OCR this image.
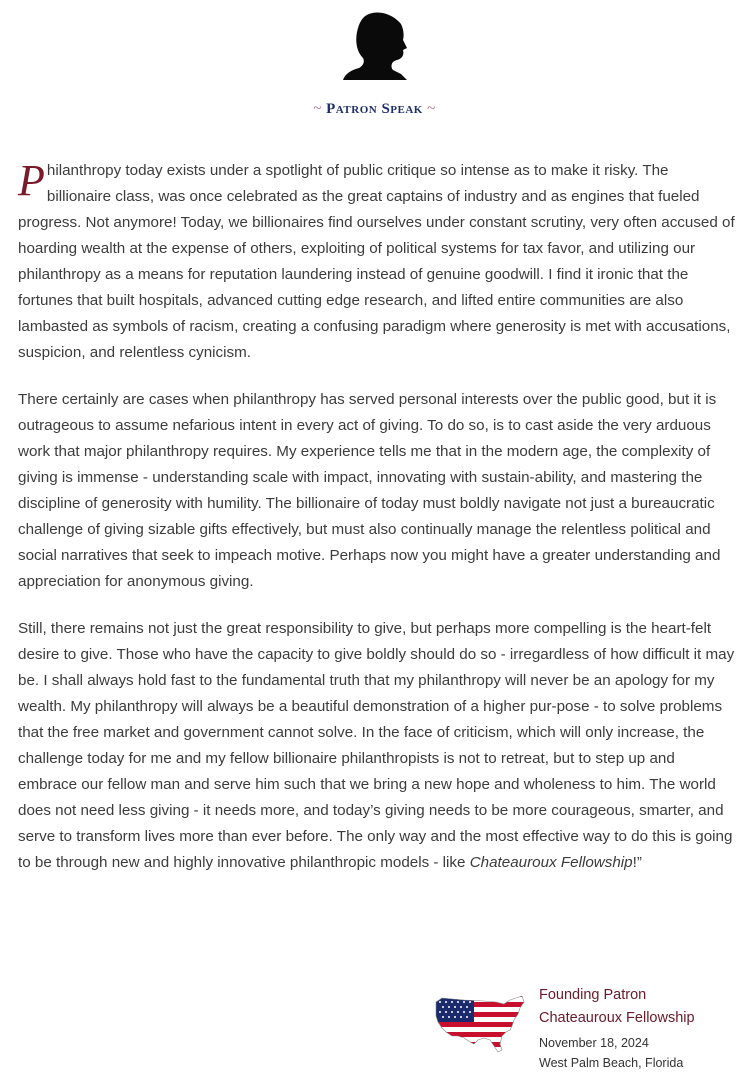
~ Patron Speak ~

Philanthropy today exists under a spotlight of public critique so intense as to make it risky. The billionaire class, was once celebrated as the great captains of industry and as engines that fueled progress. Not anymore! Today, we billionaires find ourselves under constant scrutiny, very often accused of hoarding wealth at the expense of others, exploiting of political systems for tax favor, and utilizing our philanthropy as a means for reputation laundering instead of genuine goodwill. I find it ironic that the fortunes that built hospitals, advanced cutting edge research, and lifted entire communities are also lambasted as symbols of racism, creating a confusing paradigm where generosity is met with accusations, suspicion, and relentless cynicism.

There certainly are cases when philanthropy has served personal interests over the public good, but it is outrageous to assume nefarious intent in every act of giving. To do so, is to cast aside the very arduous work that major philanthropy requires. My experience tells me that in the modern age, the complexity of giving is immense - understanding scale with impact, innovating with sustain-ability, and mastering the discipline of generosity with humility. The billionaire of today must boldly navigate not just a bureaucratic challenge of giving sizable gifts effectively, but must also continually manage the relentless political and social narratives that seek to impeach motive. Perhaps now you might have a greater understanding and appreciation for anonymous giving.

Still, there remains not just the great responsibility to give, but perhaps more compelling is the heart-felt desire to give. Those who have the capacity to give boldly should do so - irregardless of how difficult it may be. I shall always hold fast to the fundamental truth that my philanthropy will never be an apology for my wealth. My philanthropy will always be a beautiful demonstration of a higher pur-pose - to solve problems that the free market and government cannot solve. In the face of criticism, which will only increase, the challenge today for me and my fellow billionaire philanthropists is not to retreat, but to step up and embrace our fellow man and serve him such that we bring a new hope and wholeness to him. The world does not need less giving - it needs more, and today’s giving needs to be more courageous, smarter, and serve to transform lives more than ever before. The only way and the most effective way to do this is going to be through new and highly innovative philanthropic models - like Chateauroux Fellowship!”

Founding Patron
Chateauroux Fellowship
November 18, 2024
West Palm Beach, Florida
